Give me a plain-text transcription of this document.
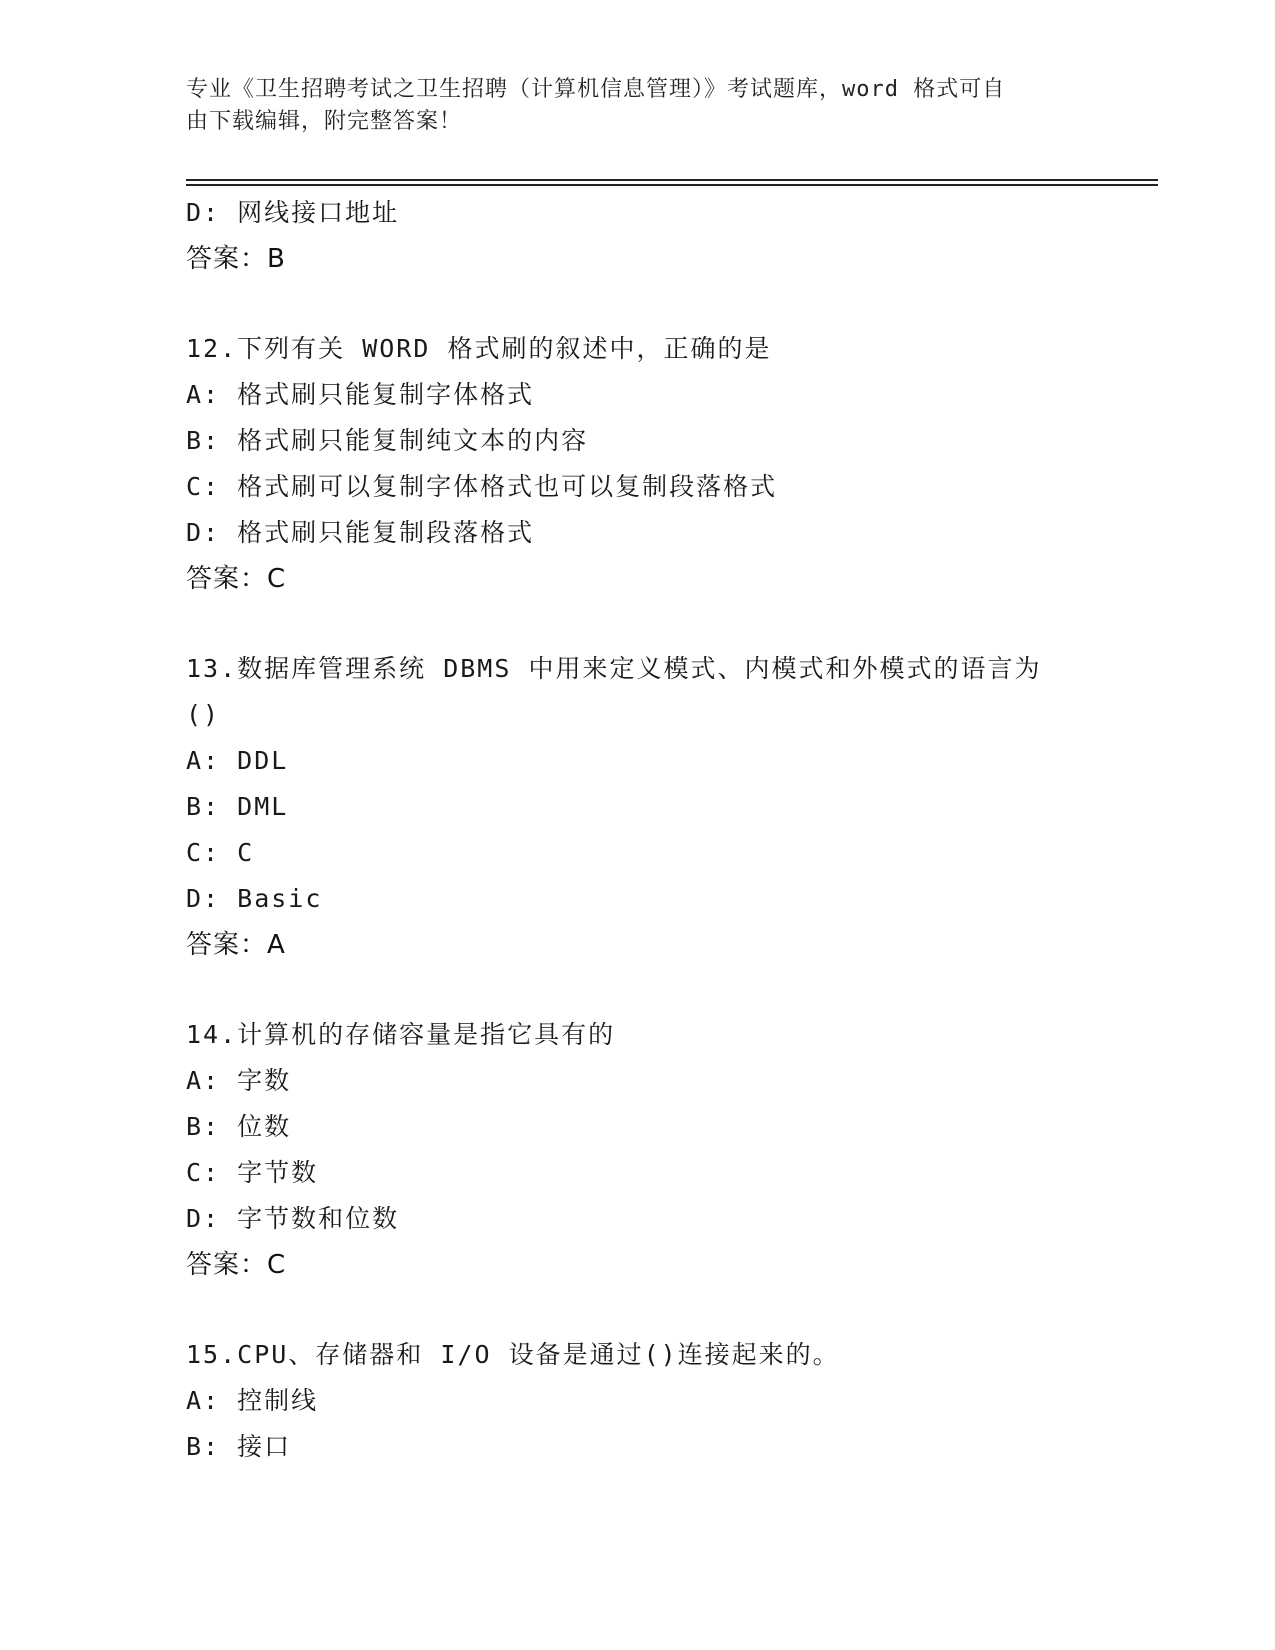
专业《卫生招聘考试之卫生招聘（计算机信息管理）》考试题库，word 格式可自
由下载编辑，附完整答案！
D: 网线接口地址
答案：B
12.下列有关 WORD 格式刷的叙述中，正确的是
A: 格式刷只能复制字体格式
B: 格式刷只能复制纯文本的内容
C: 格式刷可以复制字体格式也可以复制段落格式
D: 格式刷只能复制段落格式
答案：C
13.数据库管理系统 DBMS 中用来定义模式、内模式和外模式的语言为
()
A: DDL
B: DML
C: C
D: Basic
答案：A
14.计算机的存储容量是指它具有的
A: 字数
B: 位数
C: 字节数
D: 字节数和位数
答案：C
15.CPU、存储器和 I/O 设备是通过()连接起来的。
A: 控制线
B: 接口
